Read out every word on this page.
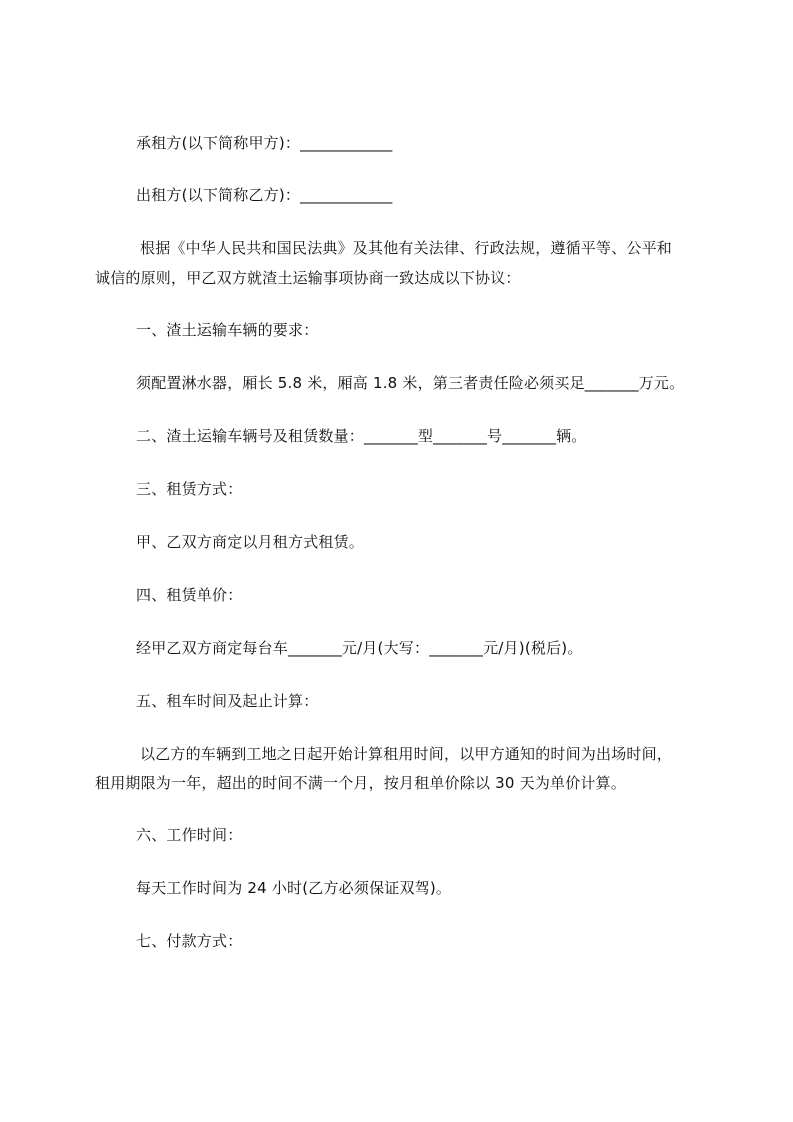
承租方(以下简称甲方)：____________
出租方(以下简称乙方)：____________
根据《中华人民共和国民法典》及其他有关法律、行政法规，遵循平等、公平和
诚信的原则，甲乙双方就渣土运输事项协商一致达成以下协议：
一、渣土运输车辆的要求：
须配置淋水器，厢长 5.8 米，厢高 1.8 米，第三者责任险必须买足_______万元。
二、渣土运输车辆号及租赁数量：_______型_______号_______辆。
三、租赁方式：
甲、乙双方商定以月租方式租赁。
四、租赁单价：
经甲乙双方商定每台车_______元/月(大写：_______元/月)(税后)。
五、租车时间及起止计算：
以乙方的车辆到工地之日起开始计算租用时间，以甲方通知的时间为出场时间，
租用期限为一年，超出的时间不满一个月，按月租单价除以 30 天为单价计算。
六、工作时间：
每天工作时间为 24 小时(乙方必须保证双驾)。
七、付款方式：
